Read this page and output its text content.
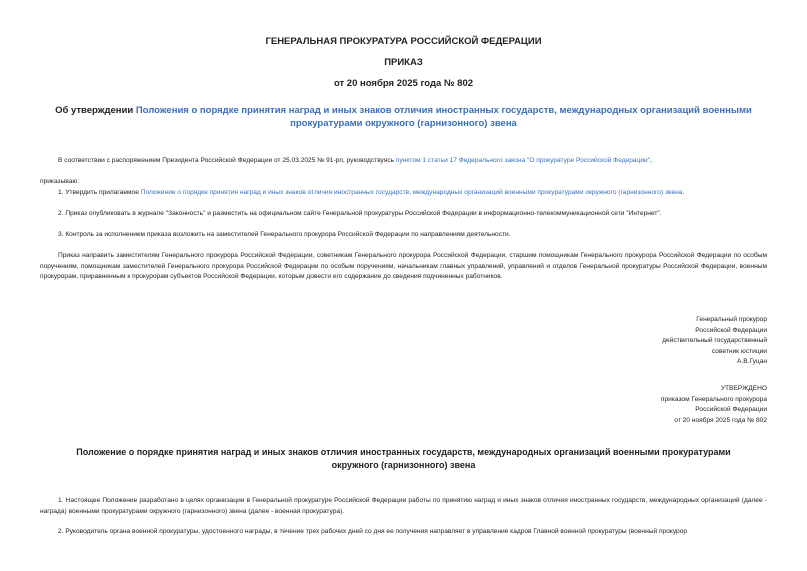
ГЕНЕРАЛЬНАЯ ПРОКУРАТУРА РОССИЙСКОЙ ФЕДЕРАЦИИ
ПРИКАЗ
от 20 ноября 2025 года № 802
Об утверждении Положения о порядке принятия наград и иных знаков отличия иностранных государств, международных организаций военными прокуратурами окружного (гарнизонного) звена
В соответствии с распоряжением Президента Российской Федерации от 25.03.2025 № 91-рп, руководствуясь пунктом 1 статьи 17 Федерального закона "О прокуратуре Российской Федерации",
приказываю:
1. Утвердить прилагаемое Положение о порядке принятия наград и иных знаков отличия иностранных государств, международных организаций военными прокуратурами окружного (гарнизонного) звена.
2. Приказ опубликовать в журнале "Законность" и разместить на официальном сайте Генеральной прокуратуры Российской Федерации в информационно-телекоммуникационной сети "Интернет".
3. Контроль за исполнением приказа возложить на заместителей Генерального прокурора Российской Федерации по направлениям деятельности.
Приказ направить заместителям Генерального прокурора Российской Федерации, советникам Генерального прокурора Российской Федерации, старшим помощникам Генерального прокурора Российской Федерации по особым поручениям, помощникам заместителей Генерального прокурора Российской Федерации по особым поручениям, начальникам главных управлений, управлений и отделов Генеральной прокуратуры Российской Федерации, военным прокурорам, приравненным к прокурорам субъектов Российской Федерации, которым довести его содержание до сведения подчиненных работников.
Генеральный прокурор
Российской Федерации
действительный государственный
советник юстиции
А.В.Гуцан
УТВЕРЖДЕНО
приказом Генерального прокурора
Российской Федерации
от 20 ноября 2025 года № 802
Положение о порядке принятия наград и иных знаков отличия иностранных государств, международных организаций военными прокуратурами окружного (гарнизонного) звена
1. Настоящее Положение разработано в целях организации в Генеральной прокуратуре Российской Федерации работы по принятию наград и иных знаков отличия иностранных государств, международных организаций (далее - награда) военными прокуратурами окружного (гарнизонного) звена (далее - военная прокуратура).
2. Руководитель органа военной прокуратуры, удостоенного награды, в течение трех рабочих дней со дня ее получения направляет в управление кадров Главной военной прокуратуры (военный прокурор
